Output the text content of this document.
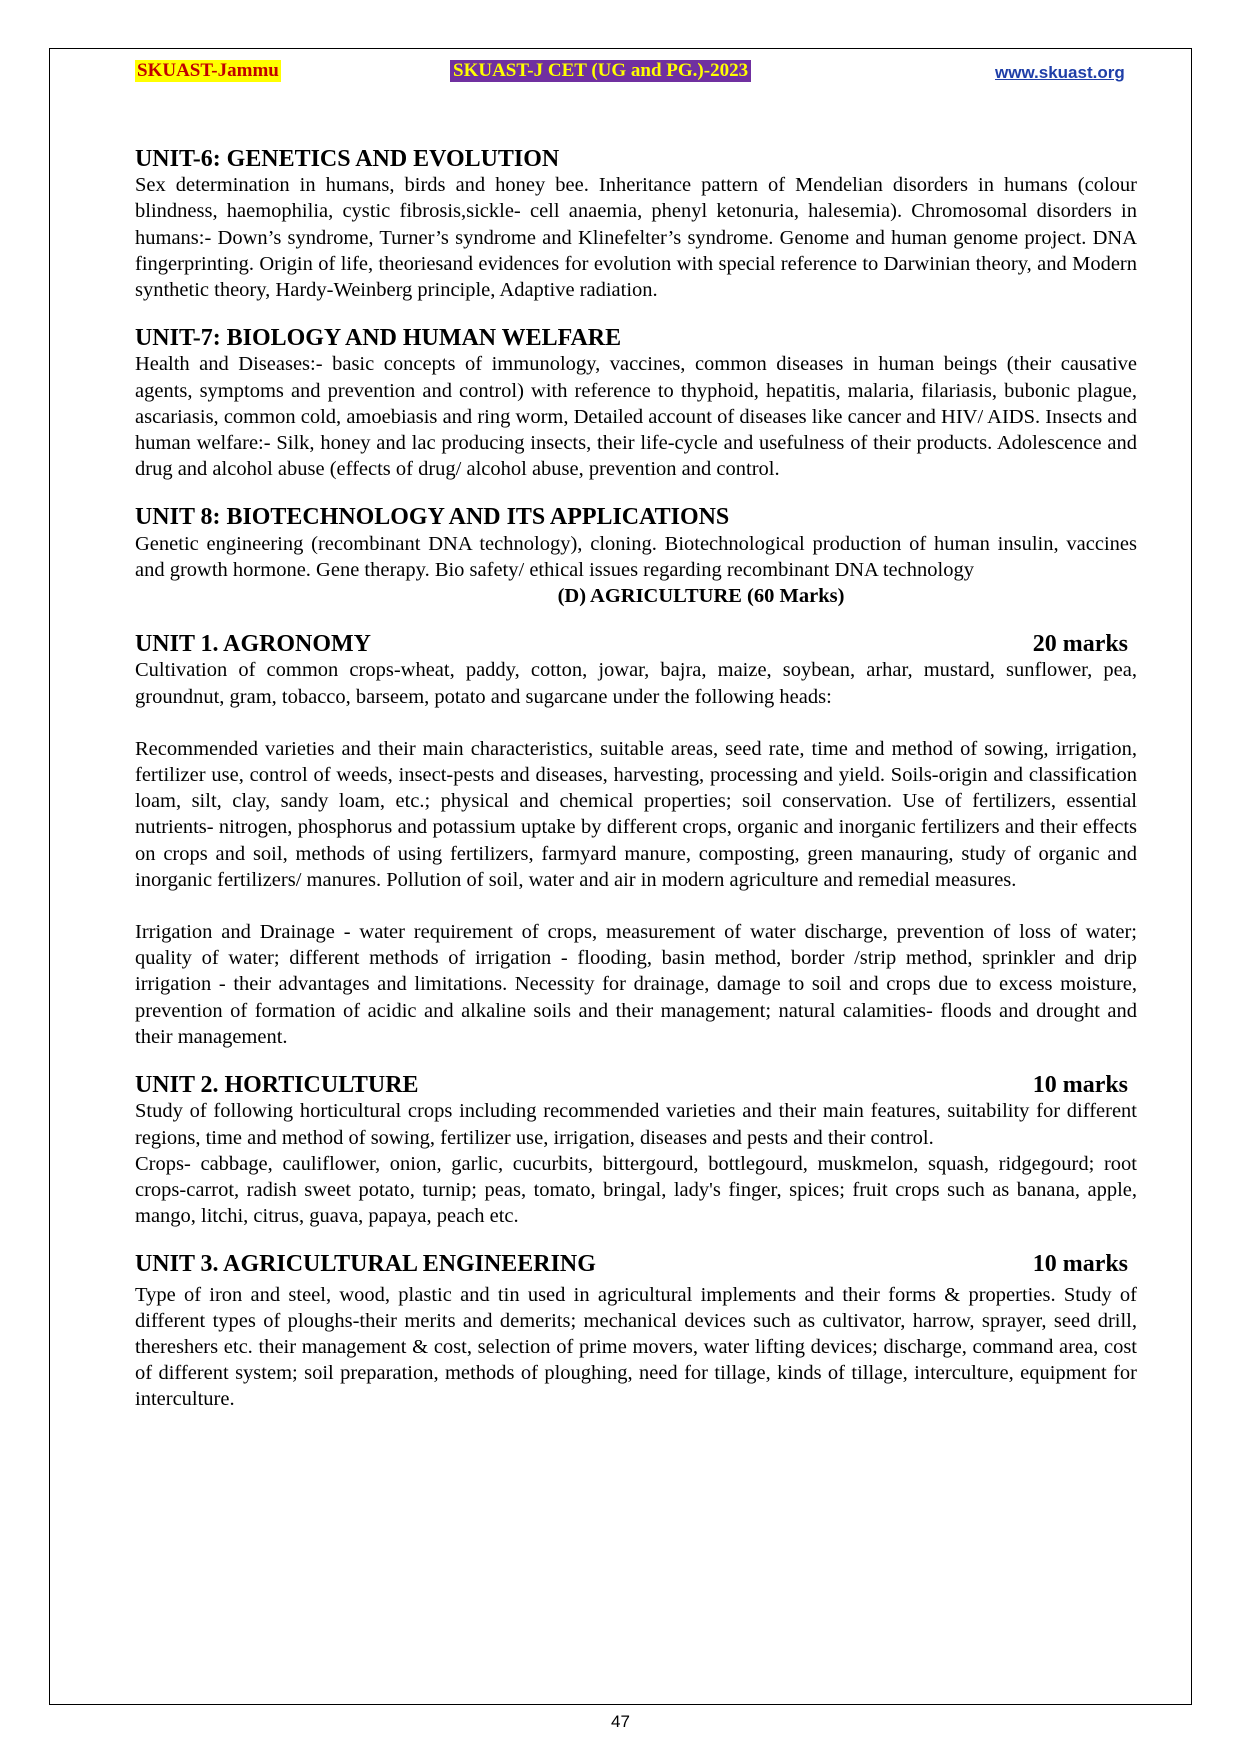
SKUAST-Jammu	SKUAST-J CET (UG and PG.)-2023	www.skuast.org
UNIT-6: GENETICS AND EVOLUTION

Sex determination in humans, birds and honey bee. Inheritance pattern of Mendelian disorders in humans (colour blindness, haemophilia, cystic fibrosis,sickle- cell anaemia, phenyl ketonuria, halesemia). Chromosomal disorders in humans:- Down’s syndrome, Turner’s syndrome and Klinefelter’s syndrome. Genome and human genome project. DNA fingerprinting. Origin of life, theoriesand evidences for evolution with special reference to Darwinian theory, and Modern synthetic theory, Hardy-Weinberg principle, Adaptive radiation.

UNIT-7: BIOLOGY AND HUMAN WELFARE

Health and Diseases:- basic concepts of immunology, vaccines, common diseases in human beings (their causative agents, symptoms and prevention and control) with reference to thyphoid, hepatitis, malaria, filariasis, bubonic plague, ascariasis, common cold, amoebiasis and ring worm, Detailed account of diseases like cancer and HIV/ AIDS. Insects and human welfare:- Silk, honey and lac producing insects, their life-cycle and usefulness of their products. Adolescence and drug and alcohol abuse (effects of drug/ alcohol abuse, prevention and control.

UNIT 8: BIOTECHNOLOGY AND ITS APPLICATIONS

Genetic engineering (recombinant DNA technology), cloning. Biotechnological production of human insulin, vaccines and growth hormone. Gene therapy. Bio safety/ ethical issues regarding recombinant DNA technology

(D) AGRICULTURE (60 Marks)
UNIT 1. AGRONOMY	20 marks

Cultivation of common crops-wheat, paddy, cotton, jowar, bajra, maize, soybean, arhar, mustard, sunflower, pea, groundnut, gram, tobacco, barseem, potato and sugarcane under the following heads:

Recommended varieties and their main characteristics, suitable areas, seed rate, time and method of sowing, irrigation, fertilizer use, control of weeds, insect-pests and diseases, harvesting, processing and yield. Soils-origin and classification loam, silt, clay, sandy loam, etc.; physical and chemical properties; soil conservation. Use of fertilizers, essential nutrients- nitrogen, phosphorus and potassium uptake by different crops, organic and inorganic fertilizers and their effects on crops and soil, methods of using fertilizers, farmyard manure, composting, green manauring, study of organic and inorganic fertilizers/ manures. Pollution of soil, water and air in modern agriculture and remedial measures.

Irrigation and Drainage - water requirement of crops, measurement of water discharge, prevention of loss of water; quality of water; different methods of irrigation - flooding, basin method, border /strip method, sprinkler and drip irrigation - their advantages and limitations. Necessity for drainage, damage to soil and crops due to excess moisture, prevention of formation of acidic and alkaline soils and their management; natural calamities- floods and drought and their management.

UNIT 2. HORTICULTURE	10 marks

Study of following horticultural crops including recommended varieties and their main features, suitability for different regions, time and method of sowing, fertilizer use, irrigation, diseases and pests and their control.

Crops- cabbage, cauliflower, onion, garlic, cucurbits, bittergourd, bottlegourd, muskmelon, squash, ridgegourd; root crops-carrot, radish sweet potato, turnip; peas, tomato, bringal, lady's finger, spices; fruit crops such as banana, apple, mango, litchi, citrus, guava, papaya, peach etc.

UNIT 3. AGRICULTURAL ENGINEERING	10 marks

Type of iron and steel, wood, plastic and tin used in agricultural implements and their forms & properties. Study of different types of ploughs-their merits and demerits; mechanical devices such as cultivator, harrow, sprayer, seed drill, thereshers etc. their management & cost, selection of prime movers, water lifting devices; discharge, command area, cost of different system; soil preparation, methods of ploughing, need for tillage, kinds of tillage, interculture, equipment for interculture.

47
